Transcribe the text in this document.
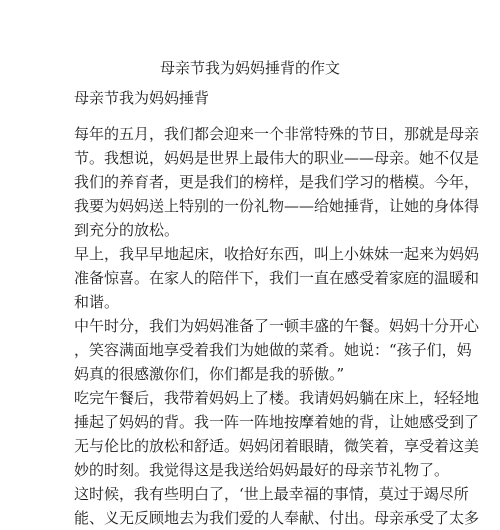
母亲节我为妈妈捶背的作文
母亲节我为妈妈捶背
每年的五月，我们都会迎来一个非常特殊的节日，那就是母亲
节。我想说，妈妈是世界上最伟大的职业——母亲。她不仅是
我们的养育者，更是我们的榜样，是我们学习的楷模。今年，
我要为妈妈送上特别的一份礼物——给她捶背，让她的身体得
到充分的放松。
早上，我早早地起床，收拾好东西，叫上小妹妹一起来为妈妈
准备惊喜。在家人的陪伴下，我们一直在感受着家庭的温暖和
和谐。
中午时分，我们为妈妈准备了一顿丰盛的午餐。妈妈十分开心
，笑容满面地享受着我们为她做的菜肴。她说：“孩子们，妈
妈真的很感激你们，你们都是我的骄傲。”
吃完午餐后，我带着妈妈上了楼。我请妈妈躺在床上，轻轻地
捶起了妈妈的背。我一阵一阵地按摩着她的背，让她感受到了
无与伦比的放松和舒适。妈妈闭着眼睛，微笑着，享受着这美
妙的时刻。我觉得这是我送给妈妈最好的母亲节礼物了。
这时候，我有些明白了，‘世上最幸福的事情，莫过于竭尽所
能、义无反顾地去为我们爱的人奉献、付出。母亲承受了太多
